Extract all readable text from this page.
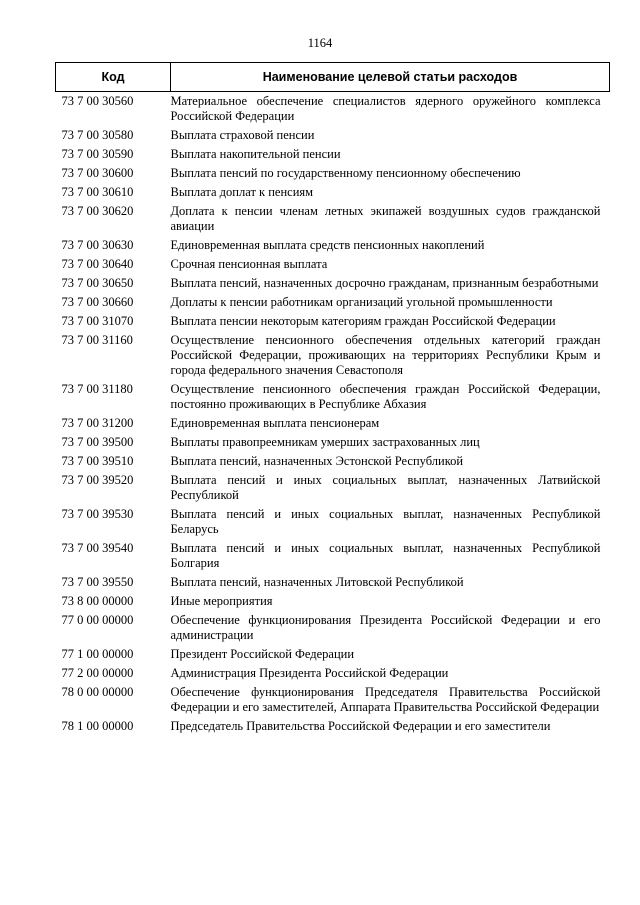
1164
Код	Наименование целевой статьи расходов
73 7 00 30560	Материальное обеспечение специалистов ядерного оружейного комплекса Российской Федерации
73 7 00 30580	Выплата страховой пенсии
73 7 00 30590	Выплата накопительной пенсии
73 7 00 30600	Выплата пенсий по государственному пенсионному обеспечению
73 7 00 30610	Выплата доплат к пенсиям
73 7 00 30620	Доплата к пенсии членам летных экипажей воздушных судов гражданской авиации
73 7 00 30630	Единовременная выплата средств пенсионных накоплений
73 7 00 30640	Срочная пенсионная выплата
73 7 00 30650	Выплата пенсий, назначенных досрочно гражданам, признанным безработными
73 7 00 30660	Доплаты к пенсии работникам организаций угольной промышленности
73 7 00 31070	Выплата пенсии некоторым категориям граждан Российской Федерации
73 7 00 31160	Осуществление пенсионного обеспечения отдельных категорий граждан Российской Федерации, проживающих на территориях Республики Крым и города федерального значения Севастополя
73 7 00 31180	Осуществление пенсионного обеспечения граждан Российской Федерации, постоянно проживающих в Республике Абхазия
73 7 00 31200	Единовременная выплата пенсионерам
73 7 00 39500	Выплаты правопреемникам умерших застрахованных лиц
73 7 00 39510	Выплата пенсий, назначенных Эстонской Республикой
73 7 00 39520	Выплата пенсий и иных социальных выплат, назначенных Латвийской Республикой
73 7 00 39530	Выплата пенсий и иных социальных выплат, назначенных Республикой Беларусь
73 7 00 39540	Выплата пенсий и иных социальных выплат, назначенных Республикой Болгария
73 7 00 39550	Выплата пенсий, назначенных Литовской Республикой
73 8 00 00000	Иные мероприятия
77 0 00 00000	Обеспечение функционирования Президента Российской Федерации и его администрации
77 1 00 00000	Президент Российской Федерации
77 2 00 00000	Администрация Президента Российской Федерации
78 0 00 00000	Обеспечение функционирования Председателя Правительства Российской Федерации и его заместителей, Аппарата Правительства Российской Федерации
78 1 00 00000	Председатель Правительства Российской Федерации и его заместители
